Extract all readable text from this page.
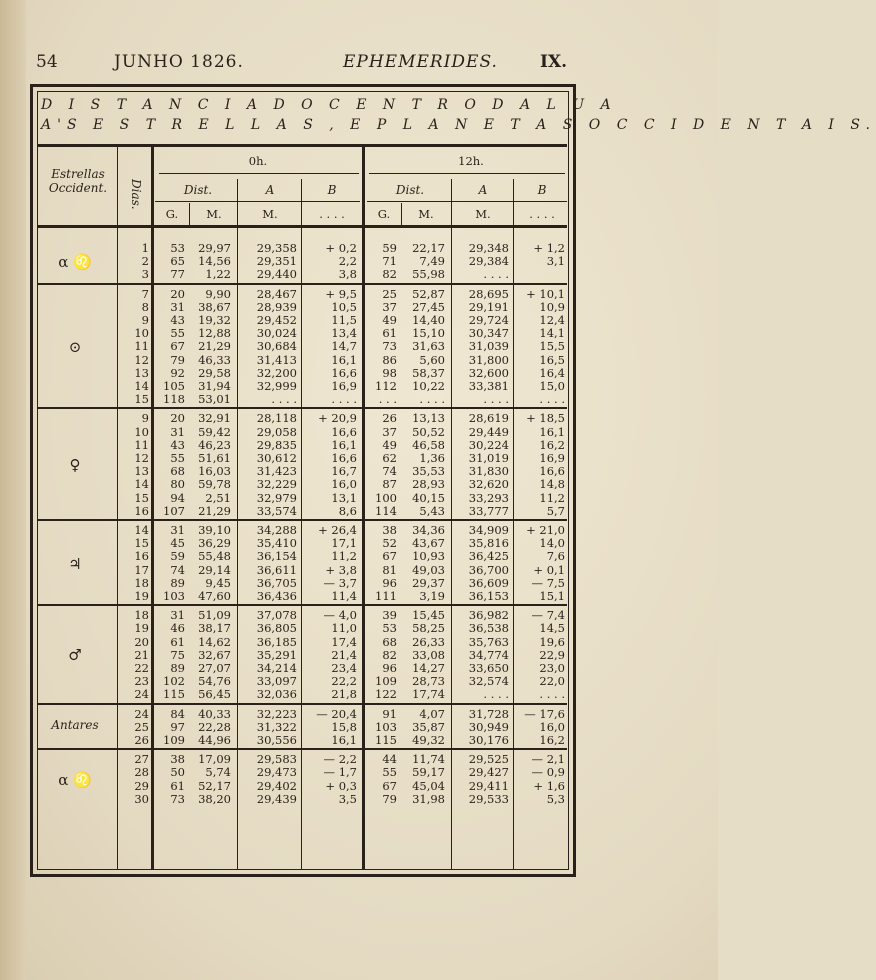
54	JUNHO 1826.	EPHEMERIDES. IX.
D I S T A N C I A D O C E N T R O D A L U A
A'S E S T R E L L A S , E P L A N E T A S O C C I D E N T A I S.
Estrellas Occident.	Dias.
0h.	12h.
Dist.	A	B	Dist.	A	B
G.	M.	M.	. . . .	G.	M.	M.	. . . .
1	53	29,97	29,358	+ 0,2	59	22,17	29,348	+ 1,2
2	65	14,56	29,351	2,2	71	7,49	29,384	3,1
3	77	1,22	29,440	3,8	82	55,98	. . . .
α ♌
7	20	9,90	28,467	+ 9,5	25	52,87	28,695	+ 10,1
8	31	38,67	28,939	10,5	37	27,45	29,191	10,9
9	43	19,32	29,452	11,5	49	14,40	29,724	12,4
10	55	12,88	30,024	13,4	61	15,10	30,347	14,1
11	67	21,29	30,684	14,7	73	31,63	31,039	15,5
12	79	46,33	31,413	16,1	86	5,60	31,800	16,5
13	92	29,58	32,200	16,6	98	58,37	32,600	16,4
14	105	31,94	32,999	16,9	112	10,22	33,381	15,0
15	118	53,01	. . . .	. . . .	. . .	. . . .	. . . .	. . . .
⊙
9	20	32,91	28,118	+ 20,9	26	13,13	28,619	+ 18,5
10	31	59,42	29,058	16,6	37	50,52	29,449	16,1
11	43	46,23	29,835	16,1	49	46,58	30,224	16,2
12	55	51,61	30,612	16,6	62	1,36	31,019	16,9
13	68	16,03	31,423	16,7	74	35,53	31,830	16,6
14	80	59,78	32,229	16,0	87	28,93	32,620	14,8
15	94	2,51	32,979	13,1	100	40,15	33,293	11,2
16	107	21,29	33,574	8,6	114	5,43	33,777	5,7
♀
14	31	39,10	34,288	+ 26,4	38	34,36	34,909	+ 21,0
15	45	36,29	35,410	17,1	52	43,67	35,816	14,0
16	59	55,48	36,154	11,2	67	10,93	36,425	7,6
17	74	29,14	36,611	+ 3,8	81	49,03	36,700	+ 0,1
18	89	9,45	36,705	— 3,7	96	29,37	36,609	— 7,5
19	103	47,60	36,436	11,4	111	3,19	36,153	15,1
♃
18	31	51,09	37,078	— 4,0	39	15,45	36,982	— 7,4
19	46	38,17	36,805	11,0	53	58,25	36,538	14,5
20	61	14,62	36,185	17,4	68	26,33	35,763	19,6
21	75	32,67	35,291	21,4	82	33,08	34,774	22,9
22	89	27,07	34,214	23,4	96	14,27	33,650	23,0
23	102	54,76	33,097	22,2	109	28,73	32,574	22,0
24	115	56,45	32,036	21,8	122	17,74	. . . .	. . . .
♂
24	84	40,33	32,223	— 20,4	91	4,07	31,728	— 17,6
25	97	22,28	31,322	15,8	103	35,87	30,949	16,0
26	109	44,96	30,556	16,1	115	49,32	30,176	16,2
Antares
27	38	17,09	29,583	— 2,2	44	11,74	29,525	— 2,1
28	50	5,74	29,473	— 1,7	55	59,17	29,427	— 0,9
29	61	52,17	29,402	+ 0,3	67	45,04	29,411	+ 1,6
30	73	38,20	29,439	3,5	79	31,98	29,533	5,3
α ♌
